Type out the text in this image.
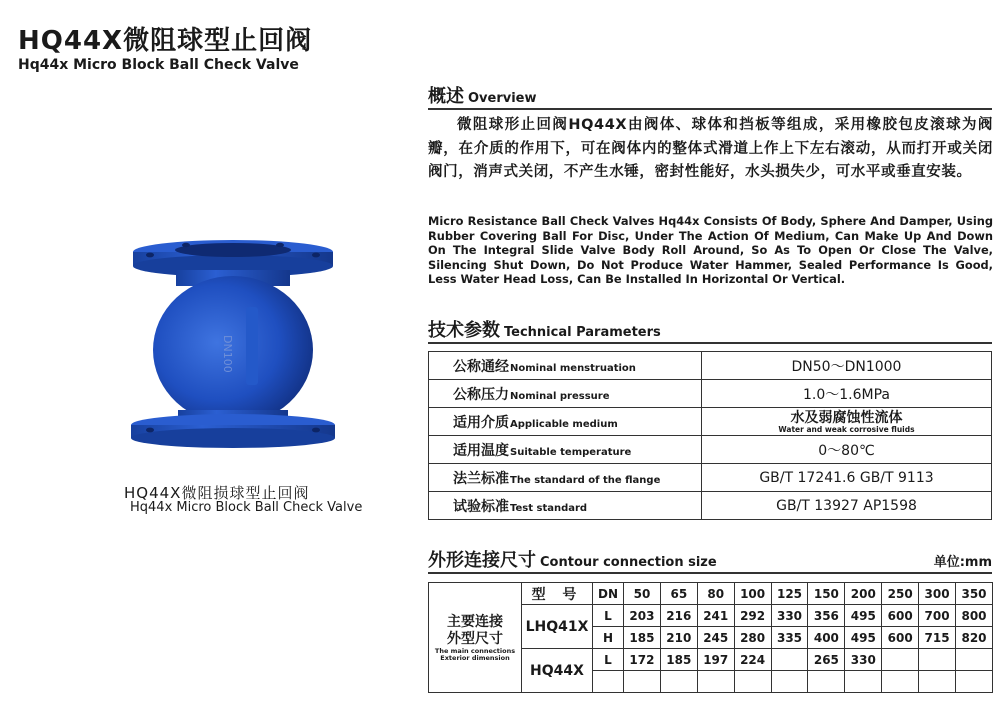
HQ44X微阻球型止回阀
Hq44x Micro Block Ball Check Valve
DN100
HQ44X微阻损球型止回阀
Hq44x Micro Block Ball Check Valve
概述 Overview
微阻球形止回阀HQ44X由阀体、球体和挡板等组成，采用橡胶包皮滚球为阀瓣，在介质的作用下，可在阀体内的整体式滑道上作上下左右滚动，从而打开或关闭阀门，消声式关闭，不产生水锤，密封性能好，水头损失少，可水平或垂直安装。
Micro Resistance Ball Check Valves Hq44x Consists Of Body, Sphere And Damper, Using Rubber Covering Ball For Disc, Under The Action Of Medium, Can Make Up And Down On The Integral Slide Valve Body Roll Around, So As To Open Or Close The Valve, Silencing Shut Down, Do Not Produce Water Hammer, Sealed Performance Is Good, Less Water Head Loss, Can Be Installed In Horizontal Or Vertical.
技术参数 Technical Parameters
公称通经Nominal menstruation	DN50～DN1000
公称压力Nominal pressure	1.0～1.6MPa
适用介质Applicable medium	水及弱腐蚀性流体
Water and weak corrosive fluids

适用温度Suitable temperature	0～80℃
法兰标准The standard of the flange	GB/T 17241.6 GB/T 9113
试验标准Test standard	GB/T 13927 AP1598
外形连接尺寸 Contour connection size	单位:mm
主要连接
外型尺寸
The main connections
Exterior dimension	型 号	DN	50	65	80	100	125	150	200	250	300	350
	LHQ41X	L	203	216	241	292	330	356	495	600	700	800
		H	185	210	245	280	335	400	495	600	715	820
	HQ44X	L	172	185	197	224		265	330			
